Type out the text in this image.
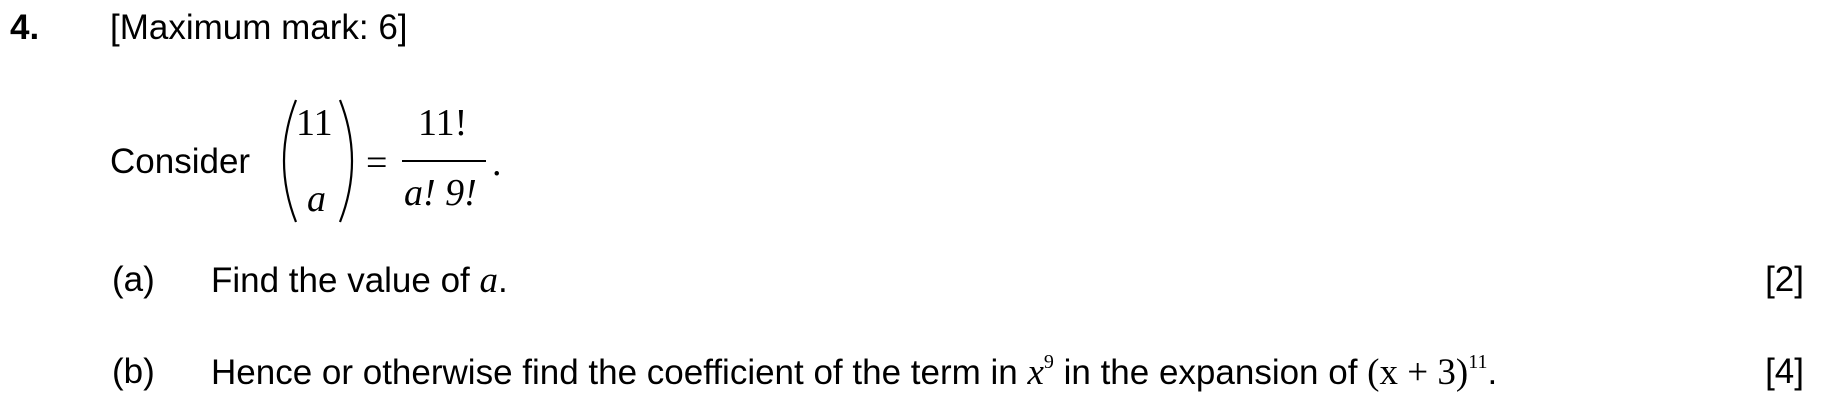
4. [Maximum mark: 6]
Consider
11
a
=
11!
a! 9!
.
(a) Find the value of a.	[2]
(b) Hence or otherwise find the coefficient of the term in $x^9$ in the expansion of $(x + 3)^{11}$.	[4]
